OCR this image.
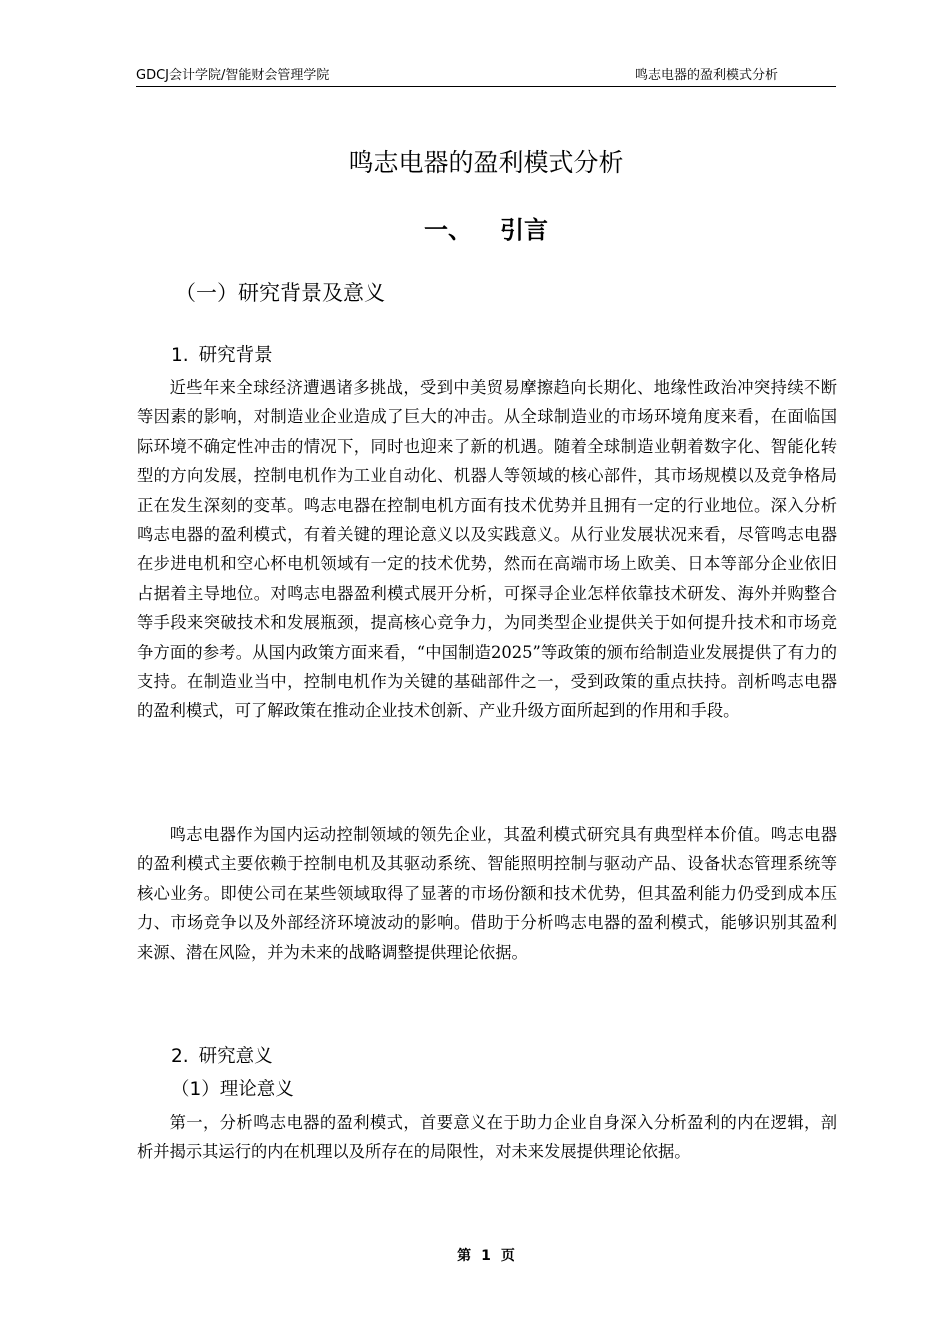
GDCJ会计学院/智能财会管理学院	鸣志电器的盈利模式分析
鸣志电器的盈利模式分析
一、 引言
（一）研究背景及意义
1. 研究背景

近些年来全球经济遭遇诸多挑战，受到中美贸易摩擦趋向长期化、地缘性政治冲突持续不断等因素的影响，对制造业企业造成了巨大的冲击。从全球制造业的市场环境角度来看，在面临国际环境不确定性冲击的情况下，同时也迎来了新的机遇。随着全球制造业朝着数字化、智能化转型的方向发展，控制电机作为工业自动化、机器人等领域的核心部件，其市场规模以及竞争格局正在发生深刻的变革。鸣志电器在控制电机方面有技术优势并且拥有一定的行业地位。深入分析鸣志电器的盈利模式，有着关键的理论意义以及实践意义。从行业发展状况来看，尽管鸣志电器在步进电机和空心杯电机领域有一定的技术优势，然而在高端市场上欧美、日本等部分企业依旧占据着主导地位。对鸣志电器盈利模式展开分析，可探寻企业怎样依靠技术研发、海外并购整合等手段来突破技术和发展瓶颈，提高核心竞争力，为同类型企业提供关于如何提升技术和市场竞争方面的参考。从国内政策方面来看，“中国制造2025”等政策的颁布给制造业发展提供了有力的支持。在制造业当中，控制电机作为关键的基础部件之一，受到政策的重点扶持。剖析鸣志电器的盈利模式，可了解政策在推动企业技术创新、产业升级方面所起到的作用和手段。

鸣志电器作为国内运动控制领域的领先企业，其盈利模式研究具有典型样本价值。鸣志电器的盈利模式主要依赖于控制电机及其驱动系统、智能照明控制与驱动产品、设备状态管理系统等核心业务。即使公司在某些领域取得了显著的市场份额和技术优势，但其盈利能力仍受到成本压力、市场竞争以及外部经济环境波动的影响。借助于分析鸣志电器的盈利模式，能够识别其盈利来源、潜在风险，并为未来的战略调整提供理论依据。

2. 研究意义
（1）理论意义

第一，分析鸣志电器的盈利模式，首要意义在于助力企业自身深入分析盈利的内在逻辑，剖析并揭示其运行的内在机理以及所存在的局限性，对未来发展提供理论依据。

第 1 页
